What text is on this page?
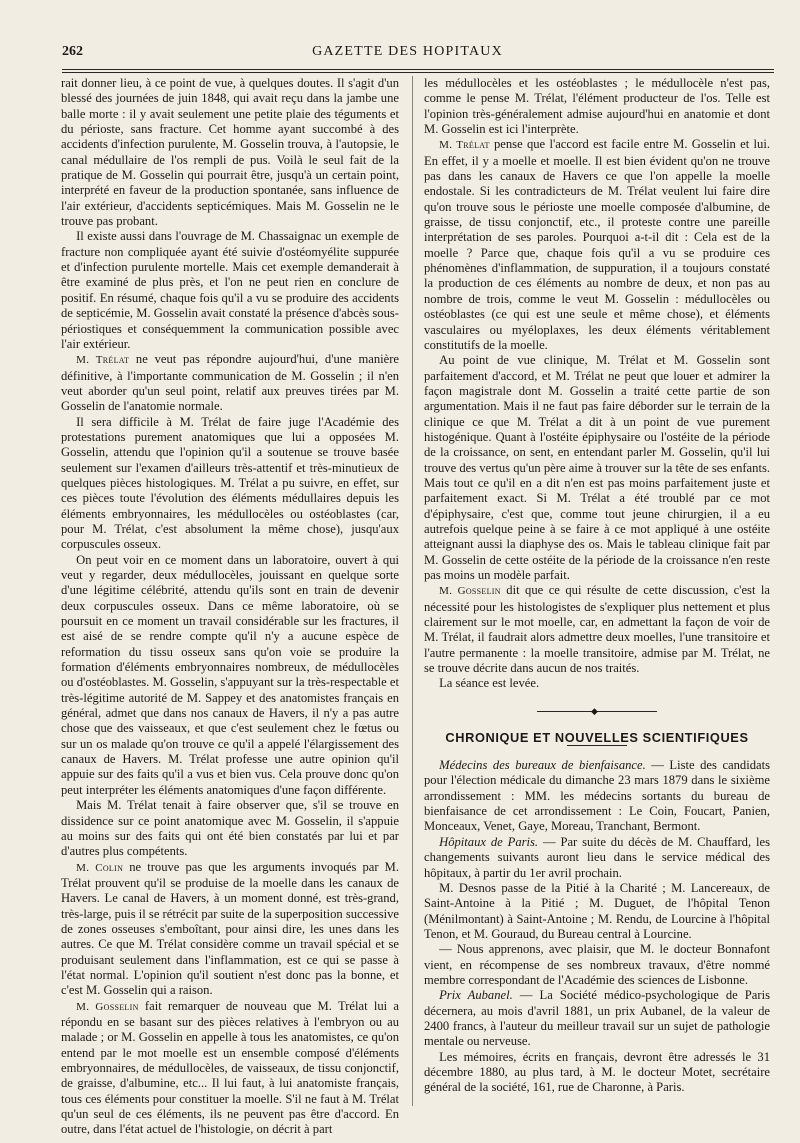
262	GAZETTE DES HOPITAUX

rait donner lieu, à ce point de vue, à quelques doutes. Il s'agit d'un blessé des journées de juin 1848, qui avait reçu dans la jambe une balle morte : il y avait seulement une petite plaie des téguments et du périoste, sans fracture. Cet homme ayant succombé à des accidents d'infection purulente, M. Gosselin trouva, à l'autopsie, le canal médullaire de l'os rempli de pus. Voilà le seul fait de la pratique de M. Gosselin qui pourrait être, jusqu'à un certain point, interprété en faveur de la production spontanée, sans influence de l'air extérieur, d'accidents septicémiques. Mais M. Gosselin ne le trouve pas probant.

Il existe aussi dans l'ouvrage de M. Chassaignac un exemple de fracture non compliquée ayant été suivie d'ostéomyélite suppurée et d'infection purulente mortelle. Mais cet exemple demanderait à être examiné de plus près, et l'on ne peut rien en conclure de positif. En résumé, chaque fois qu'il a vu se produire des accidents de septicémie, M. Gosselin avait constaté la présence d'abcès sous-périostiques et conséquemment la communication possible avec l'air extérieur.

M. Trélat ne veut pas répondre aujourd'hui, d'une manière définitive, à l'importante communication de M. Gosselin ; il n'en veut aborder qu'un seul point, relatif aux preuves tirées par M. Gosselin de l'anatomie normale.

Il sera difficile à M. Trélat de faire juge l'Académie des protestations purement anatomiques que lui a opposées M. Gosselin, attendu que l'opinion qu'il a soutenue se trouve basée seulement sur l'examen d'ailleurs très-attentif et très-minutieux de quelques pièces histologiques. M. Trélat a pu suivre, en effet, sur ces pièces toute l'évolution des éléments médullaires depuis les éléments embryonnaires, les médullocèles ou ostéoblastes (car, pour M. Trélat, c'est absolument la même chose), jusqu'aux corpuscules osseux.

On peut voir en ce moment dans un laboratoire, ouvert à qui veut y regarder, deux médullocèles, jouissant en quelque sorte d'une légitime célébrité, attendu qu'ils sont en train de devenir deux corpuscules osseux. Dans ce même laboratoire, où se poursuit en ce moment un travail considérable sur les fractures, il est aisé de se rendre compte qu'il n'y a aucune espèce de reformation du tissu osseux sans qu'on voie se produire la formation d'éléments embryonnaires nombreux, de médullocèles ou d'ostéoblastes. M. Gosselin, s'appuyant sur la très-respectable et très-légitime autorité de M. Sappey et des anatomistes français en général, admet que dans nos canaux de Havers, il n'y a pas autre chose que des vaisseaux, et que c'est seulement chez le fœtus ou sur un os malade qu'on trouve ce qu'il a appelé l'élargissement des canaux de Havers. M. Trélat professe une autre opinion qu'il appuie sur des faits qu'il a vus et bien vus. Cela prouve donc qu'on peut interpréter les éléments anatomiques d'une façon différente.

Mais M. Trélat tenait à faire observer que, s'il se trouve en dissidence sur ce point anatomique avec M. Gosselin, il s'appuie au moins sur des faits qui ont été bien constatés par lui et par d'autres plus compétents.

M. Colin ne trouve pas que les arguments invoqués par M. Trélat prouvent qu'il se produise de la moelle dans les canaux de Havers. Le canal de Havers, à un moment donné, est très-grand, très-large, puis il se rétrécit par suite de la superposition successive de zones osseuses s'emboîtant, pour ainsi dire, les unes dans les autres. Ce que M. Trélat considère comme un travail spécial et se produisant seulement dans l'inflammation, est ce qui se passe à l'état normal. L'opinion qu'il soutient n'est donc pas la bonne, et c'est M. Gosselin qui a raison.

M. Gosselin fait remarquer de nouveau que M. Trélat lui a répondu en se basant sur des pièces relatives à l'embryon ou au malade ; or M. Gosselin en appelle à tous les anatomistes, ce qu'on entend par le mot moelle est un ensemble composé d'éléments embryonnaires, de médullocèles, de vaisseaux, de tissu conjonctif, de graisse, d'albumine, etc... Il lui faut, à lui anatomiste français, tous ces éléments pour constituer la moelle. S'il ne faut à M. Trélat qu'un seul de ces éléments, ils ne peuvent pas être d'accord. En outre, dans l'état actuel de l'histologie, on décrit à part

les médullocèles et les ostéoblastes ; le médullocèle n'est pas, comme le pense M. Trélat, l'élément producteur de l'os. Telle est l'opinion très-généralement admise aujourd'hui en anatomie et dont M. Gosselin est ici l'interprète.

M. Trélat pense que l'accord est facile entre M. Gosselin et lui. En effet, il y a moelle et moelle. Il est bien évident qu'on ne trouve pas dans les canaux de Havers ce que l'on appelle la moelle endostale. Si les contradicteurs de M. Trélat veulent lui faire dire qu'on trouve sous le périoste une moelle composée d'albumine, de graisse, de tissu conjonctif, etc., il proteste contre une pareille interprétation de ses paroles. Pourquoi a-t-il dit : Cela est de la moelle ? Parce que, chaque fois qu'il a vu se produire ces phénomènes d'inflammation, de suppuration, il a toujours constaté la production de ces éléments au nombre de deux, et non pas au nombre de trois, comme le veut M. Gosselin : médullocèles ou ostéoblastes (ce qui est une seule et même chose), et éléments vasculaires ou myéloplaxes, les deux éléments véritablement constitutifs de la moelle.

Au point de vue clinique, M. Trélat et M. Gosselin sont parfaitement d'accord, et M. Trélat ne peut que louer et admirer la façon magistrale dont M. Gosselin a traité cette partie de son argumentation. Mais il ne faut pas faire déborder sur le terrain de la clinique ce que M. Trélat a dit à un point de vue purement histogénique. Quant à l'ostéite épiphysaire ou l'ostéite de la période de la croissance, on sent, en entendant parler M. Gosselin, qu'il lui trouve des vertus qu'un père aime à trouver sur la tête de ses enfants. Mais tout ce qu'il en a dit n'en est pas moins parfaitement juste et parfaitement exact. Si M. Trélat a été troublé par ce mot d'épiphysaire, c'est que, comme tout jeune chirurgien, il a eu autrefois quelque peine à se faire à ce mot appliqué à une ostéite atteignant aussi la diaphyse des os. Mais le tableau clinique fait par M. Gosselin de cette ostéite de la période de la croissance n'en reste pas moins un modèle parfait.

M. Gosselin dit que ce qui résulte de cette discussion, c'est la nécessité pour les histologistes de s'expliquer plus nettement et plus clairement sur le mot moelle, car, en admettant la façon de voir de M. Trélat, il faudrait alors admettre deux moelles, l'une transitoire et l'autre permanente : la moelle transitoire, admise par M. Trélat, ne se trouve décrite dans aucun de nos traités.

La séance est levée.

◆

CHRONIQUE ET NOUVELLES SCIENTIFIQUES

Médecins des bureaux de bienfaisance. — Liste des candidats pour l'élection médicale du dimanche 23 mars 1879 dans le sixième arrondissement : MM. les médecins sortants du bureau de bienfaisance de cet arrondissement : Le Coin, Foucart, Panien, Monceaux, Venet, Gaye, Moreau, Tranchant, Bermont.

Hôpitaux de Paris. — Par suite du décès de M. Chauffard, les changements suivants auront lieu dans le service médical des hôpitaux, à partir du 1er avril prochain.

M. Desnos passe de la Pitié à la Charité ; M. Lancereaux, de Saint-Antoine à la Pitié ; M. Duguet, de l'hôpital Tenon (Ménilmontant) à Saint-Antoine ; M. Rendu, de Lourcine à l'hôpital Tenon, et M. Gouraud, du Bureau central à Lourcine.

— Nous apprenons, avec plaisir, que M. le docteur Bonnafont vient, en récompense de ses nombreux travaux, d'être nommé membre correspondant de l'Académie des sciences de Lisbonne.

Prix Aubanel. — La Société médico-psychologique de Paris décernera, au mois d'avril 1881, un prix Aubanel, de la valeur de 2400 francs, à l'auteur du meilleur travail sur un sujet de pathologie mentale ou nerveuse.

Les mémoires, écrits en français, devront être adressés le 31 décembre 1880, au plus tard, à M. le docteur Motet, secrétaire général de la société, 161, rue de Charonne, à Paris.
